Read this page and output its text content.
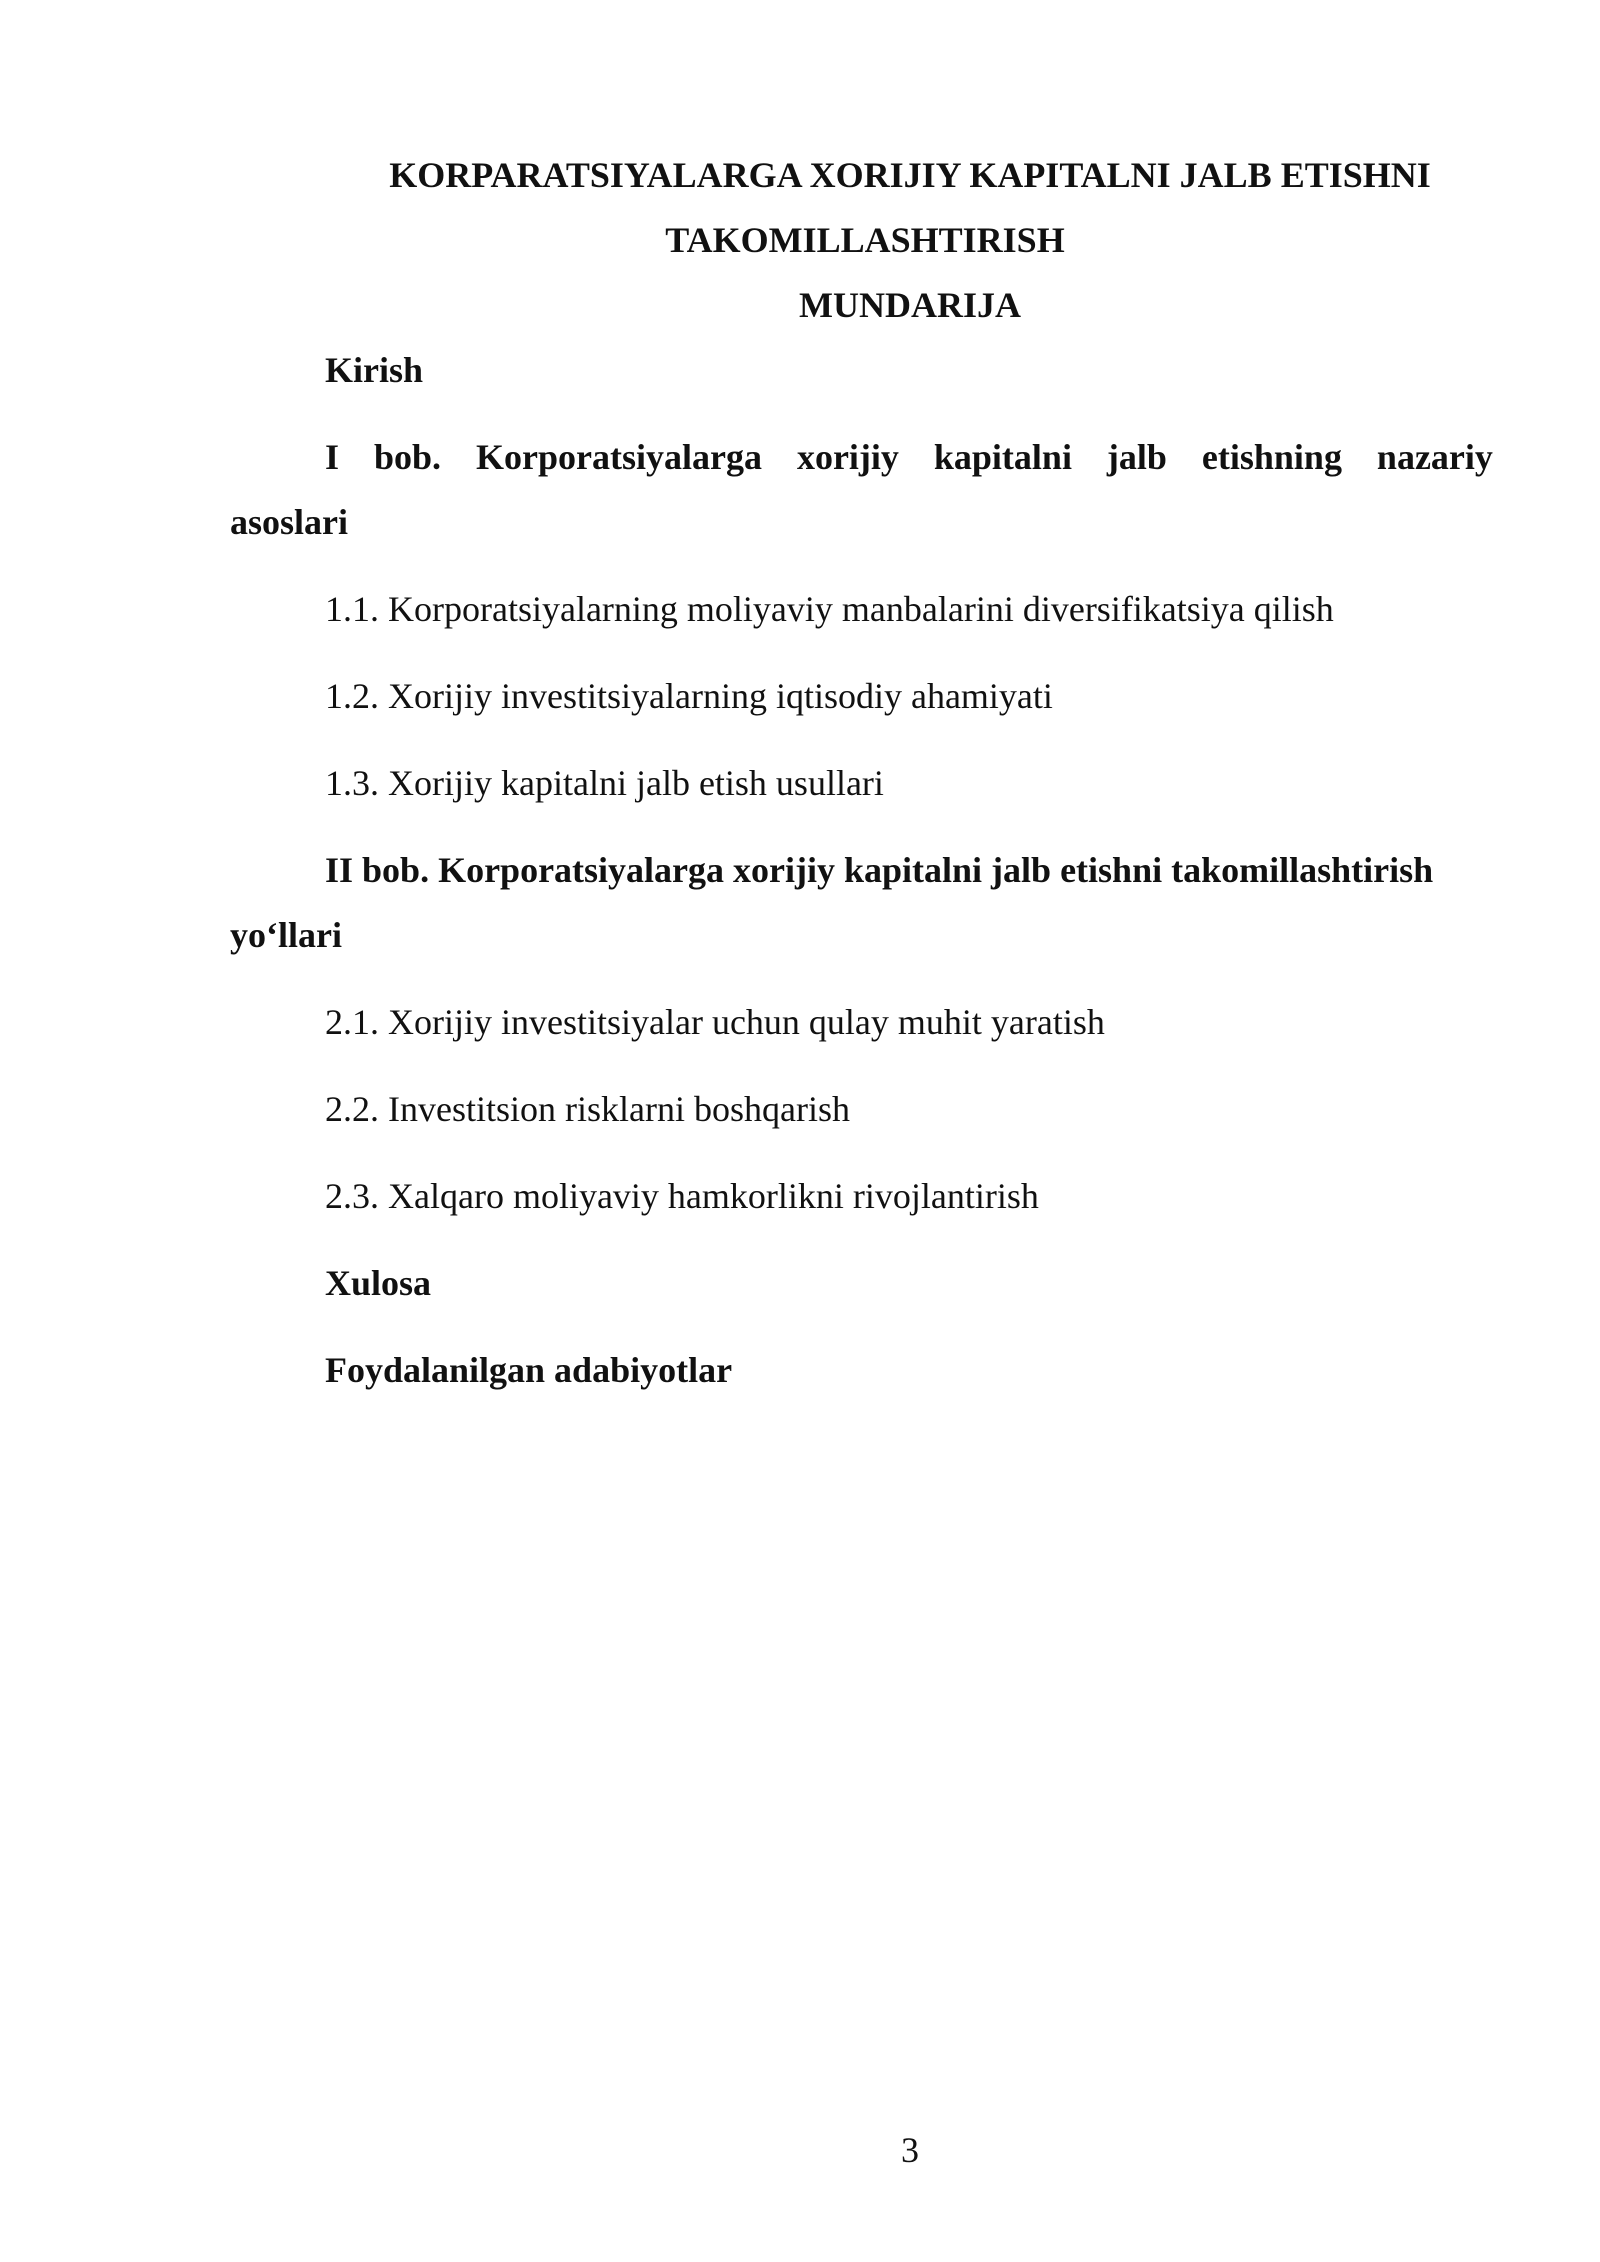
KORPARATSIYALARGA XORIJIY KAPITALNI JALB ETISHNI
TAKOMILLASHTIRISH
MUNDARIJA
Kirish
I bob. Korporatsiyalarga xorijiy kapitalni jalb etishning nazariy
asoslari
1.1. Korporatsiyalarning moliyaviy manbalarini diversifikatsiya qilish
1.2. Xorijiy investitsiyalarning iqtisodiy ahamiyati
1.3. Xorijiy kapitalni jalb etish usullari
II bob. Korporatsiyalarga xorijiy kapitalni jalb etishni takomillashtirish
yo‘llari
2.1. Xorijiy investitsiyalar uchun qulay muhit yaratish
2.2. Investitsion risklarni boshqarish
2.3. Xalqaro moliyaviy hamkorlikni rivojlantirish
Xulosa
Foydalanilgan adabiyotlar
3
